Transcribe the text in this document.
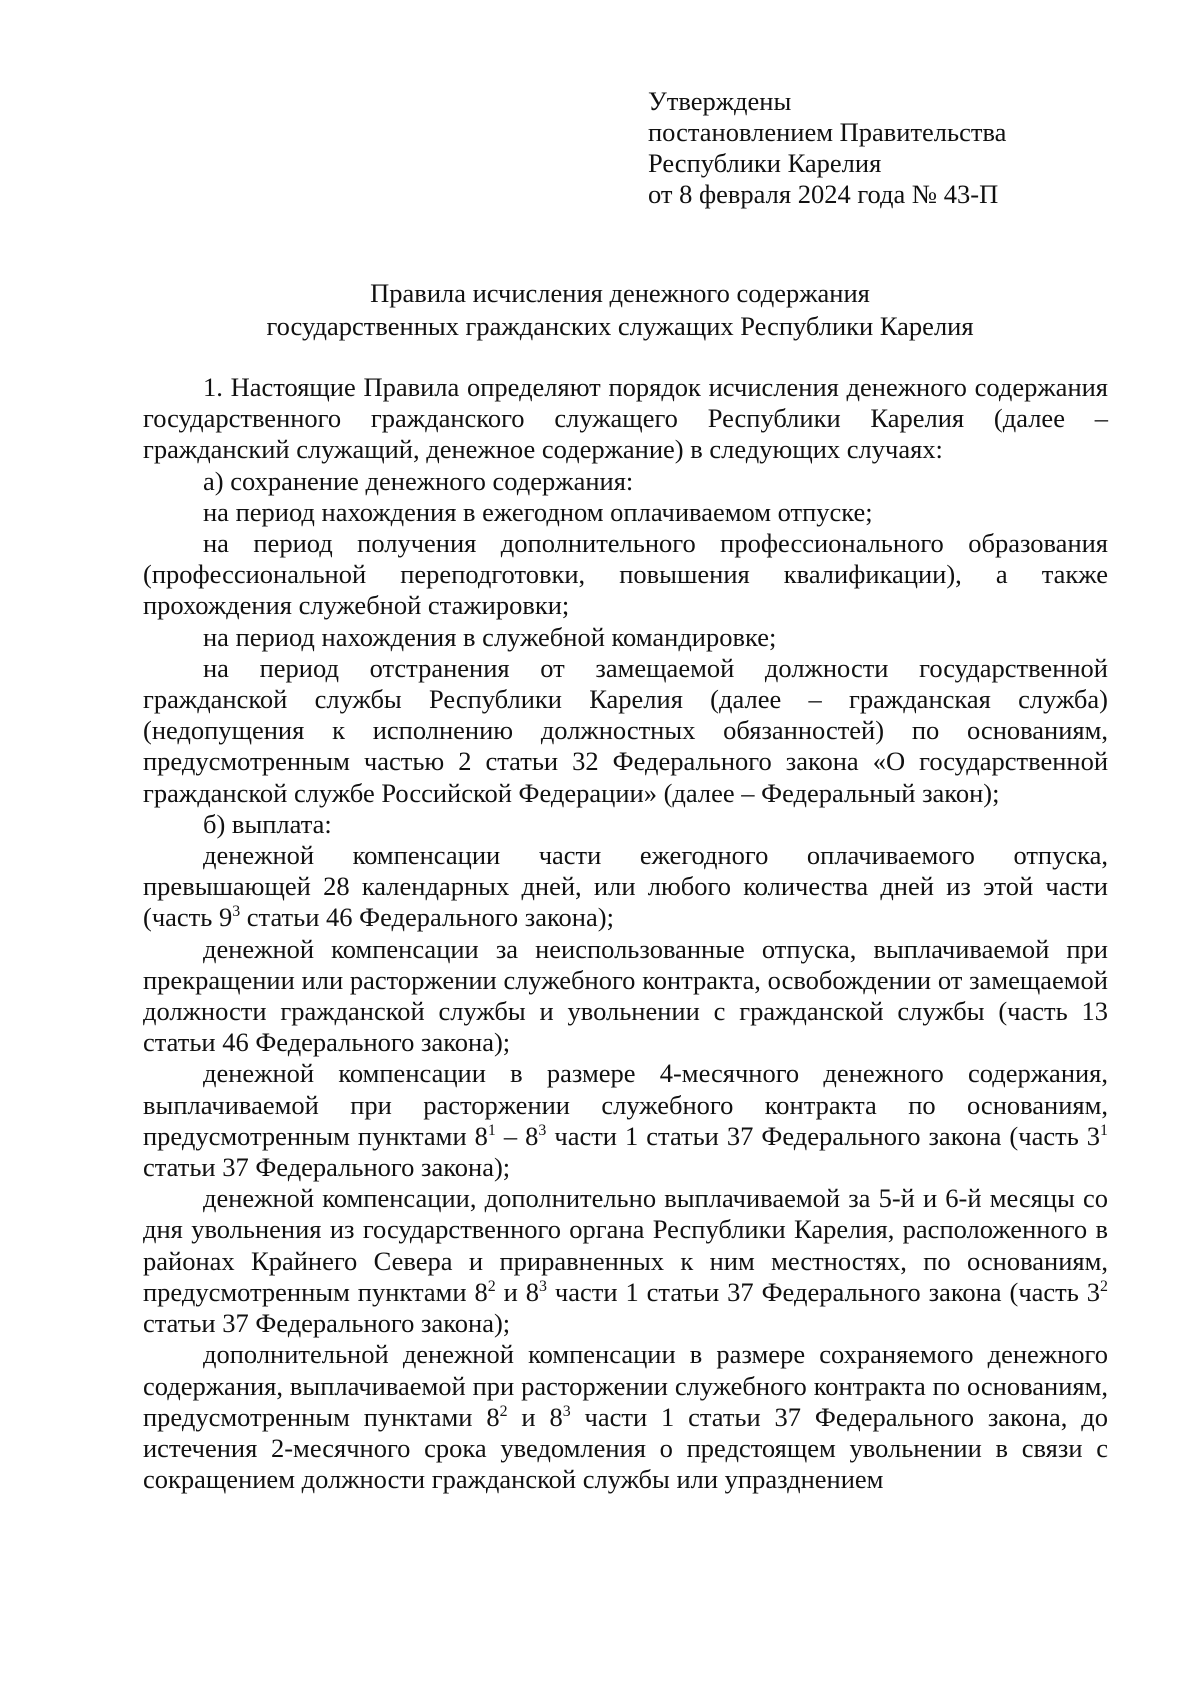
Утверждены
постановлением Правительства
Республики Карелия
от 8 февраля 2024 года № 43-П
Правила исчисления денежного содержания
государственных гражданских служащих Республики Карелия

1. Настоящие Правила определяют порядок исчисления денежного содержания государственного гражданского служащего Республики Карелия (далее – гражданский служащий, денежное содержание) в следующих случаях:

а) сохранение денежного содержания:

на период нахождения в ежегодном оплачиваемом отпуске;

на период получения дополнительного профессионального образования (профессиональной переподготовки, повышения квалификации), а также прохождения служебной стажировки;

на период нахождения в служебной командировке;

на период отстранения от замещаемой должности государственной гражданской службы Республики Карелия (далее – гражданская служба) (недопущения к исполнению должностных обязанностей) по основаниям, предусмотренным частью 2 статьи 32 Федерального закона «О государственной гражданской службе Российской Федерации» (далее – Федеральный закон);

б) выплата:

денежной компенсации части ежегодного оплачиваемого отпуска, превышающей 28 календарных дней, или любого количества дней из этой части (часть $9^3$ статьи 46 Федерального закона);

денежной компенсации за неиспользованные отпуска, выплачиваемой при прекращении или расторжении служебного контракта, освобождении от замещаемой должности гражданской службы и увольнении с гражданской службы (часть 13 статьи 46 Федерального закона);

денежной компенсации в размере 4-месячного денежного содержания, выплачиваемой при расторжении служебного контракта по основаниям, предусмотренным пунктами $8^1 - 8^3$ части 1 статьи 37 Федерального закона (часть $3^1$ статьи 37 Федерального закона);

денежной компенсации, дополнительно выплачиваемой за 5-й и 6-й месяцы со дня увольнения из государственного органа Республики Карелия, расположенного в районах Крайнего Севера и приравненных к ним местностях, по основаниям, предусмотренным пунктами $8^2$ и $8^3$ части 1 статьи 37 Федерального закона (часть $3^2$ статьи 37 Федерального закона);

дополнительной денежной компенсации в размере сохраняемого денежного содержания, выплачиваемой при расторжении служебного контракта по основаниям, предусмотренным пунктами $8^2$ и $8^3$ части 1 статьи 37 Федерального закона, до истечения 2-месячного срока уведомления о предстоящем увольнении в связи с сокращением должности гражданской службы или упразднением
